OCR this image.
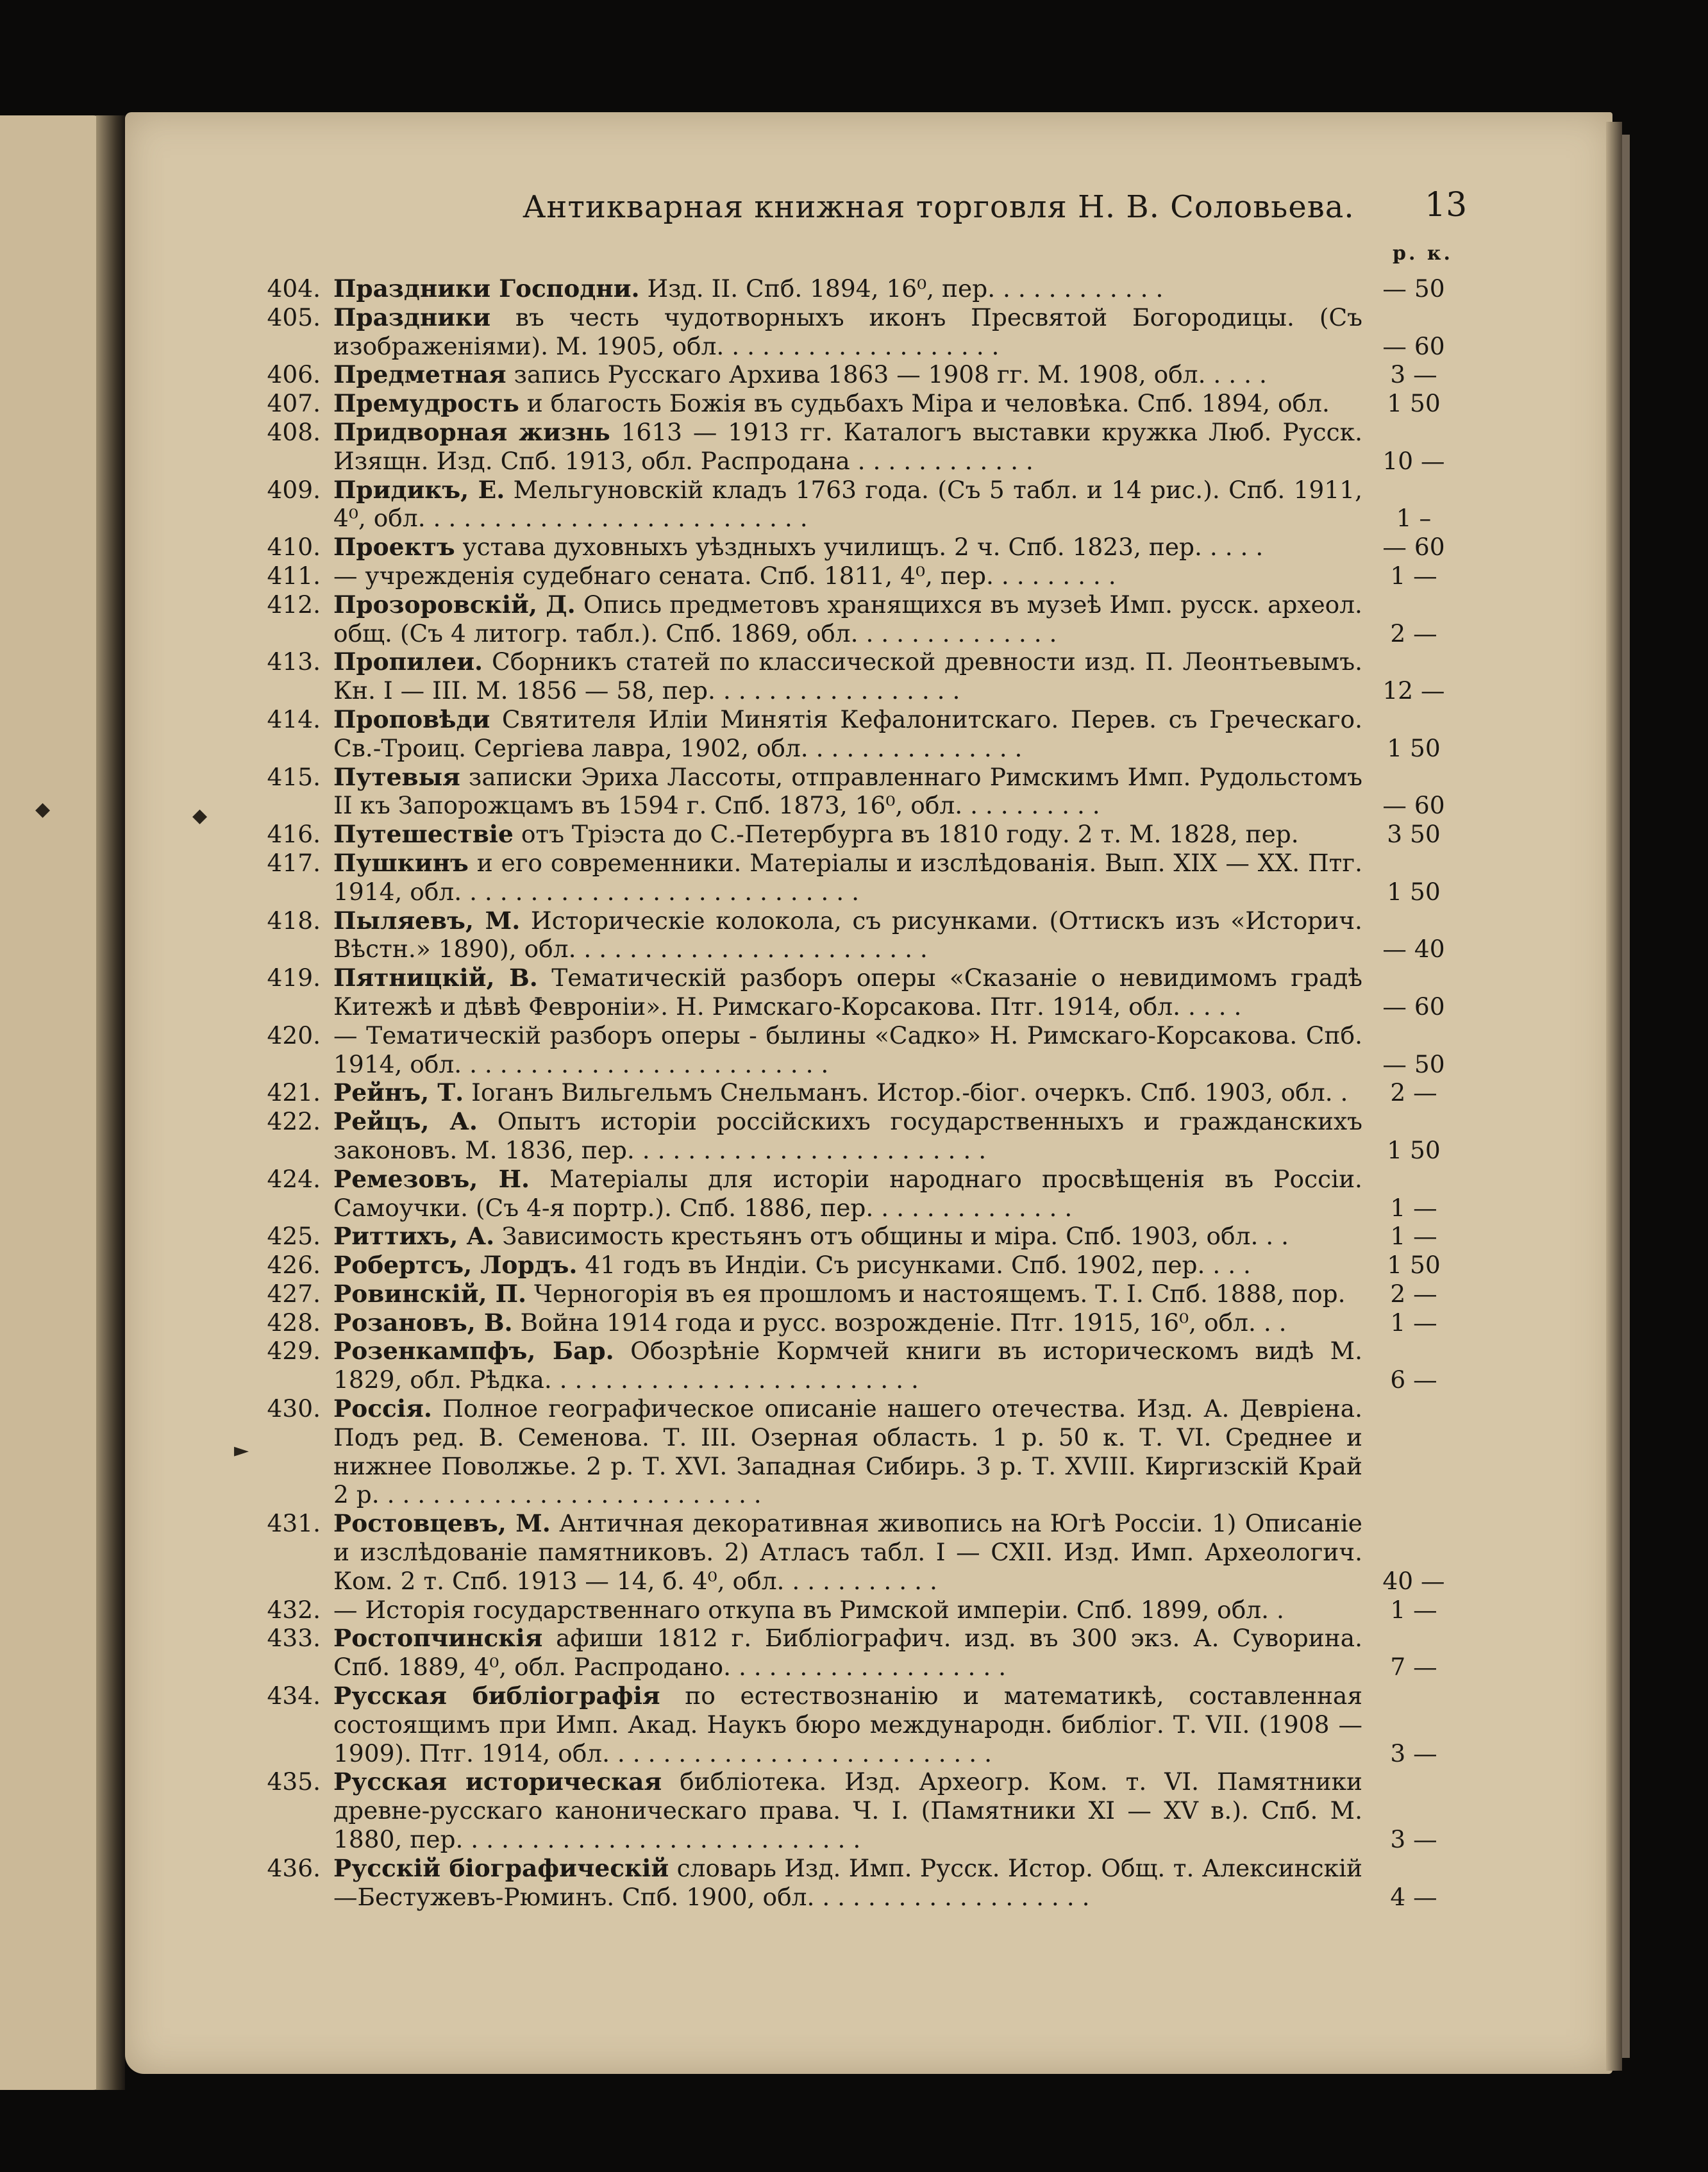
◆	◆
►
Антикварная книжная торговля Н. В. Соловьева. 13
р. к.
404. Праздники Господни. Изд. II. Спб. 1894, 16⁰, пер. . . . . . . . . . . .	— 50
405. Праздники въ честь чудотворныхъ иконъ Пресвятой Богородицы. (Съ изображеніями). М. 1905, обл. . . . . . . . . . . . . . . . . . .	— 60
406. Предметная запись Русскаго Архива 1863 — 1908 гг. М. 1908, обл. . . . .	3 —
407. Премудрость и благость Божія въ судьбахъ Міра и человѣка. Спб. 1894, обл.	1 50
408. Придворная жизнь 1613 — 1913 гг. Каталогъ выставки кружка Люб. Русск. Изящн. Изд. Спб. 1913, обл. Распродана . . . . . . . . . . . .	10 —
409. Придикъ, Е. Мельгуновскій кладъ 1763 года. (Съ 5 табл. и 14 рис.). Спб. 1911, 4⁰, обл. . . . . . . . . . . . . . . . . . . . . . . . . .	1 –
410. Проектъ устава духовныхъ уѣздныхъ училищъ. 2 ч. Спб. 1823, пер. . . . .	— 60
411. — учрежденія судебнаго сената. Спб. 1811, 4⁰, пер. . . . . . . . .	1 —
412. Прозоровскій, Д. Опись предметовъ хранящихся въ музеѣ Имп. русск. археол. общ. (Съ 4 литогр. табл.). Спб. 1869, обл. . . . . . . . . . . . . .	2 —
413. Пропилеи. Сборникъ статей по классической древности изд. П. Леонтьевымъ. Кн. I — III. М. 1856 — 58, пер. . . . . . . . . . . . . . . . .	12 —
414. Проповѣди Святителя Иліи Минятія Кефалонитскаго. Перев. съ Греческаго. Св.-Троиц. Сергіева лавра, 1902, обл. . . . . . . . . . . . . . .	1 50
415. Путевыя записки Эриха Лассоты, отправленнаго Римскимъ Имп. Рудольстомъ II къ Запорожцамъ въ 1594 г. Спб. 1873, 16⁰, обл. . . . . . . . . .	— 60
416. Путешествіе отъ Тріэста до С.-Петербурга въ 1810 году. 2 т. М. 1828, пер.	3 50
417. Пушкинъ и его современники. Матеріалы и изслѣдованія. Вып. XIX — XX. Птг. 1914, обл. . . . . . . . . . . . . . . . . . . . . . . . . . .	1 50
418. Пыляевъ, М. Историческіе колокола, съ рисунками. (Оттискъ изъ «Историч. Вѣстн.» 1890), обл. . . . . . . . . . . . . . . . . . . . . . . .	— 40
419. Пятницкій, В. Тематическій разборъ оперы «Сказаніе о невидимомъ градѣ Китежѣ и дѣвѣ Февроніи». Н. Римскаго-Корсакова. Птг. 1914, обл. . . . .	— 60
420. — Тематическій разборъ оперы - былины «Садко» Н. Римскаго-Корсакова. Спб. 1914, обл. . . . . . . . . . . . . . . . . . . . . . . . .	— 50
421. Рейнъ, Т. Іоганъ Вильгельмъ Снельманъ. Истор.-біог. очеркъ. Спб. 1903, обл. .	2 —
422. Рейцъ, А. Опытъ исторіи россійскихъ государственныхъ и гражданскихъ законовъ. М. 1836, пер. . . . . . . . . . . . . . . . . . . . . . . .	1 50
424. Ремезовъ, Н. Матеріалы для исторіи народнаго просвѣщенія въ Россіи. Самоучки. (Съ 4-я портр.). Спб. 1886, пер. . . . . . . . . . . . . .	1 —
425. Риттихъ, А. Зависимость крестьянъ отъ общины и міра. Спб. 1903, обл. . .	1 —
426. Робертсъ, Лордъ. 41 годъ въ Индіи. Съ рисунками. Спб. 1902, пер. . . .	1 50
427. Ровинскій, П. Черногорія въ ея прошломъ и настоящемъ. Т. I. Спб. 1888, пор.	2 —
428. Розановъ, В. Война 1914 года и русс. возрожденіе. Птг. 1915, 16⁰, обл. . .	1 —
429. Розенкампфъ, Бар. Обозрѣніе Кормчей книги въ историческомъ видѣ М. 1829, обл. Рѣдка. . . . . . . . . . . . . . . . . . . . . . . . .	6 —
430. Россія. Полное географическое описаніе нашего отечества. Изд. А. Девріена. Подъ ред. В. Семенова. Т. III. Озерная область. 1 р. 50 к. Т. VI. Среднее и нижнее Поволжье. 2 р. Т. XVI. Западная Сибирь. 3 р. Т. XVIII. Киргизскій Край 2 р. . . . . . . . . . . . . . . . . . . . . . . . . .
431. Ростовцевъ, М. Античная декоративная живопись на Югѣ Россіи. 1) Описаніе и изслѣдованіе памятниковъ. 2) Атласъ табл. I — CXII. Изд. Имп. Археологич. Ком. 2 т. Спб. 1913 — 14, б. 4⁰, обл. . . . . . . . . . .	40 —
432. — Исторія государственнаго откупа въ Римской имперіи. Спб. 1899, обл. .	1 —
433. Ростопчинскія афиши 1812 г. Библіографич. изд. въ 300 экз. А. Суворина. Спб. 1889, 4⁰, обл. Распродано. . . . . . . . . . . . . . . . . . .	7 —
434. Русская библіографія по естествознанію и математикѣ, составленная состоящимъ при Имп. Акад. Наукъ бюро международн. библіог. Т. VII. (1908 — 1909). Птг. 1914, обл. . . . . . . . . . . . . . . . . . . . . . . . . .	3 —
435. Русская историческая библіотека. Изд. Археогр. Ком. т. VI. Памятники древне-русскаго каноническаго права. Ч. I. (Памятники XI — XV в.). Спб. М. 1880, пер. . . . . . . . . . . . . . . . . . . . . . . . . . .	3 —
436. Русскій біографическій словарь Изд. Имп. Русск. Истор. Общ. т. Алексинскій—Бестужевъ-Рюминъ. Спб. 1900, обл. . . . . . . . . . . . . . . . . . .	4 —
